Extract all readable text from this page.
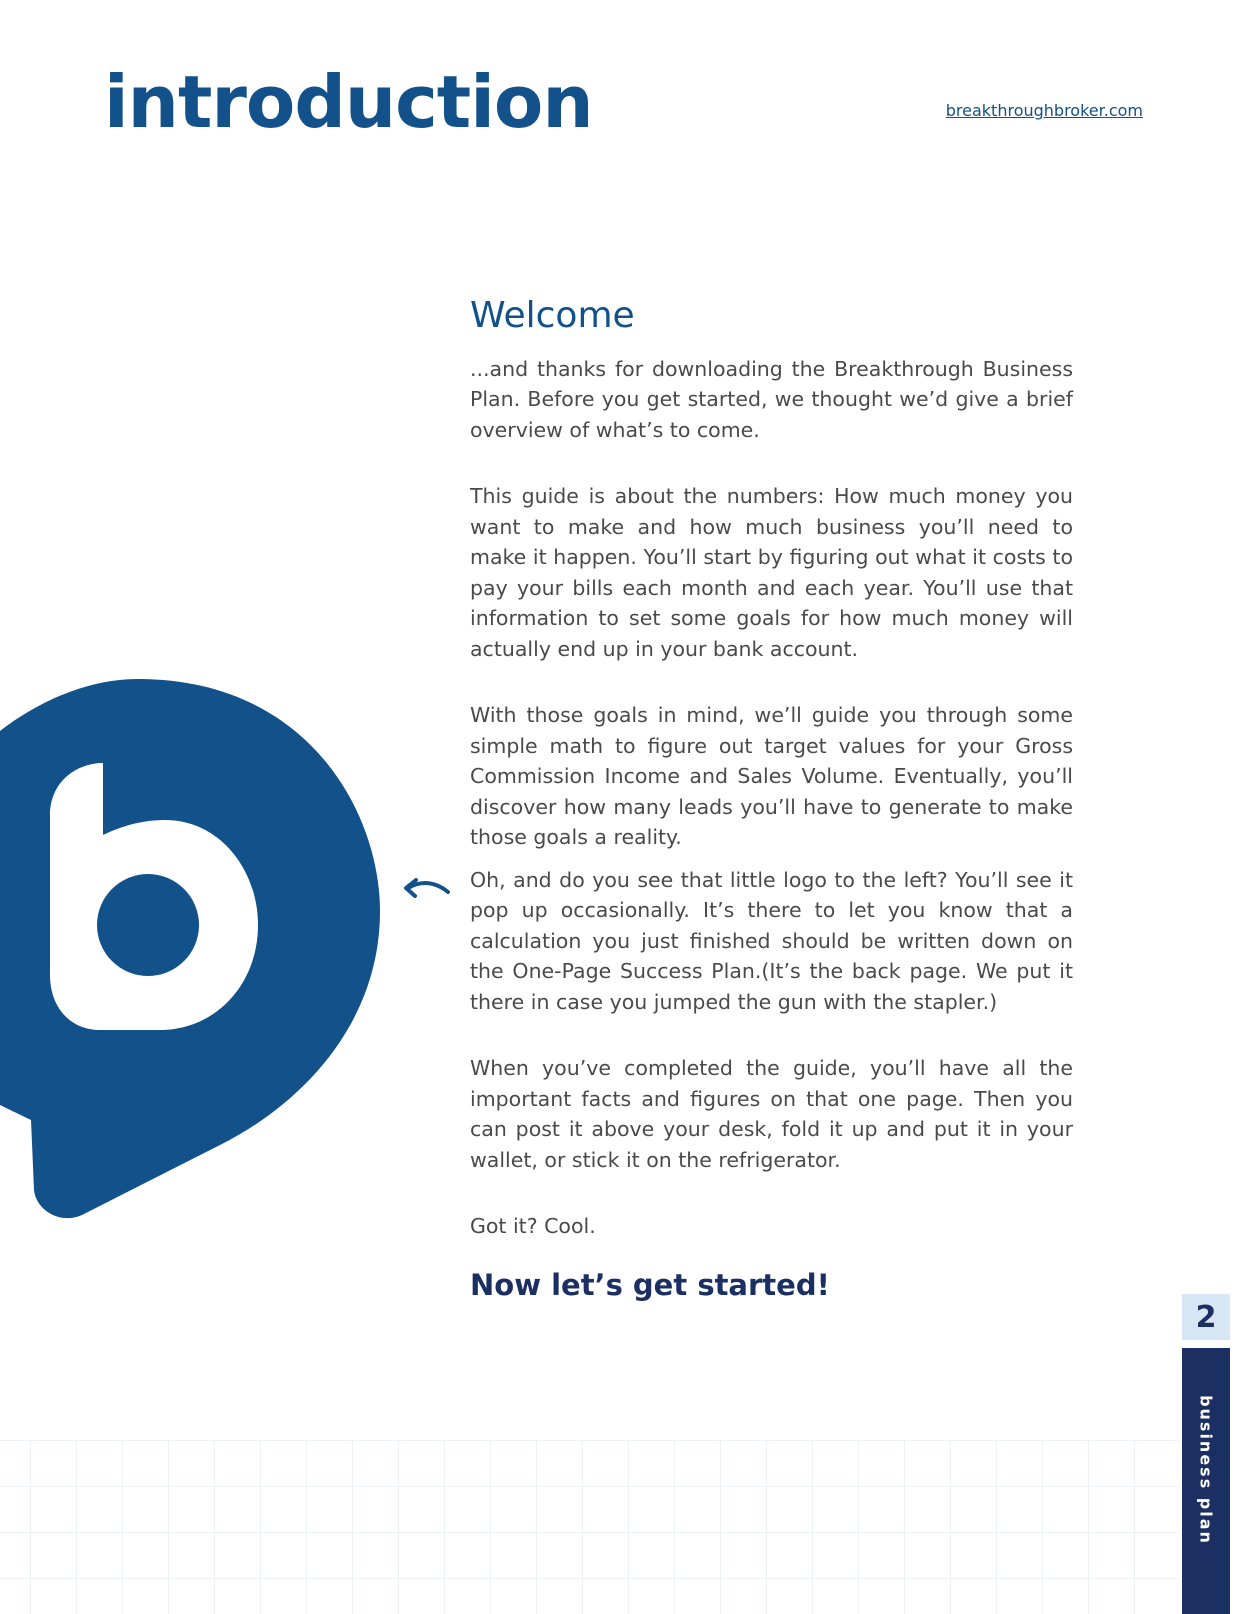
introduction	breakthroughbroker.com
Welcome

...and thanks for downloading the Breakthrough Business Plan. Before you get started, we thought we’d give a brief overview of what’s to come.

This guide is about the numbers: How much money you want to make and how much business you’ll need to make it happen. You’ll start by figuring out what it costs to pay your bills each month and each year. You’ll use that information to set some goals for how much money will actually end up in your bank account.

With those goals in mind, we’ll guide you through some simple math to figure out target values for your Gross Commission Income and Sales Volume. Eventually, you’ll discover how many leads you’ll have to generate to make those goals a reality.

Oh, and do you see that little logo to the left? You’ll see it pop up occasionally. It’s there to let you know that a calculation you just finished should be written down on the One-Page Success Plan.(It’s the back page. We put it there in case you jumped the gun with the stapler.)

When you’ve completed the guide, you’ll have all the important facts and figures on that one page. Then you can post it above your desk, fold it up and put it in your wallet, or stick it on the refrigerator.

Got it? Cool.

Now let’s get started!

2
business plan
